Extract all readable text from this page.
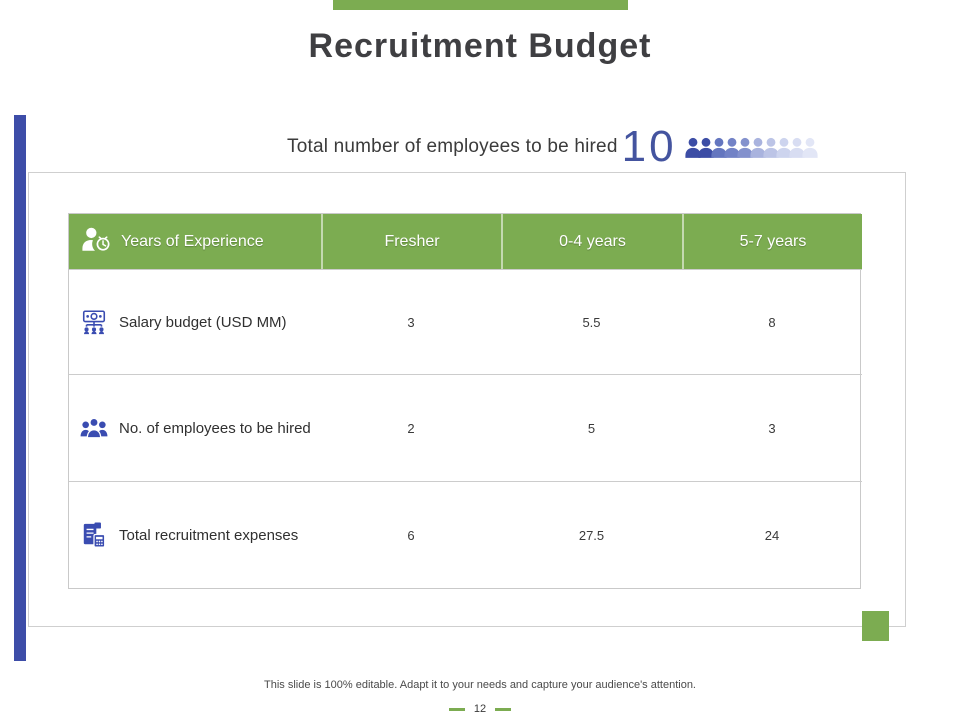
Recruitment Budget
Total number of employees to be hired 10
Years of Experience	Fresher	0-4 years	5-7 years
Salary budget (USD MM)	3	5.5	8
No. of employees to be hired	2	5	3
Total recruitment expenses	6	27.5	24
This slide is 100% editable. Adapt it to your needs and capture your audience's attention.
12
